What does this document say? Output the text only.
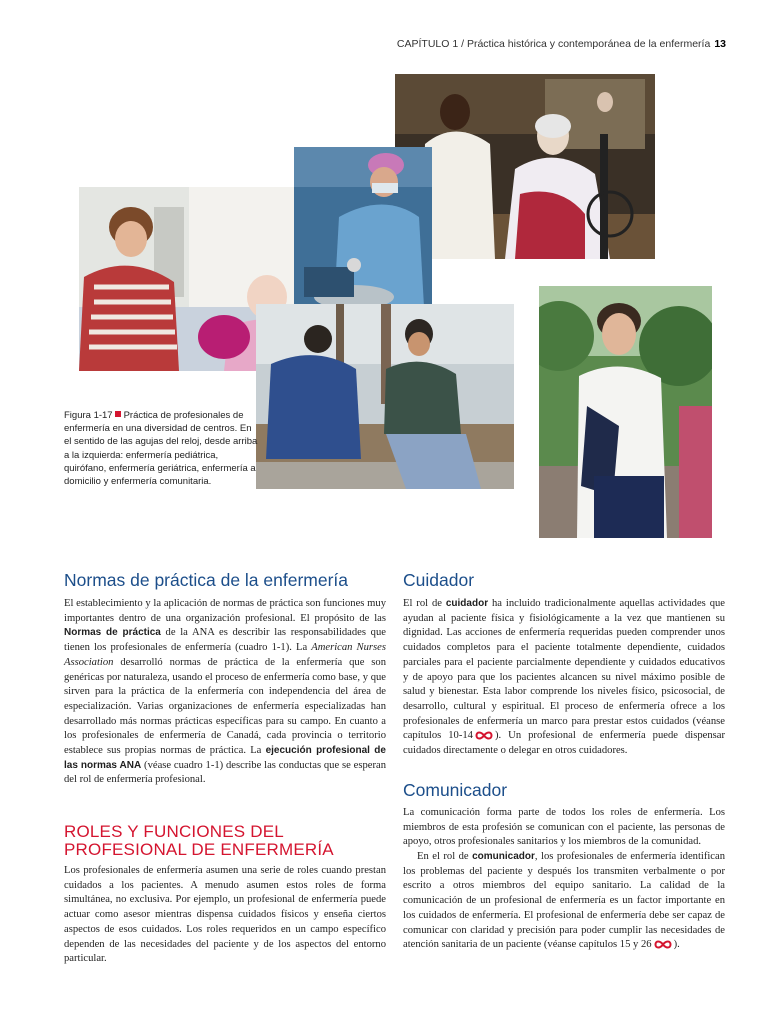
CAPÍTULO 1 / Práctica histórica y contemporánea de la enfermería 13
Figura 1-17 Práctica de profesionales de enfermería en una diversidad de centros. En el sentido de las agujas del reloj, desde arriba a la izquierda: enfermería pediátrica, quirófano, enfermería geriátrica, enfermería a domicilio y enfermería comunitaria.
Normas de práctica de la enfermería

El establecimiento y la aplicación de normas de práctica son funciones muy importantes dentro de una organización profesional. El propósito de las Normas de práctica de la ANA es describir las responsabilidades que tienen los profesionales de enfermería (cuadro 1-1). La American Nurses Association desarrolló normas de práctica de la enfermería que son genéricas por naturaleza, usando el proceso de enfermería como base, y que sirven para la práctica de la enfermería con independencia del área de especialización. Varias organizaciones de enfermería especializadas han desarrollado más normas prácticas específicas para su campo. En cuanto a los profesionales de enfermería de Canadá, cada provincia o territorio establece sus propias normas de práctica. La ejecución profesional de las normas ANA (véase cuadro 1-1) describe las conductas que se esperan del rol de enfermería profesional.

ROLES Y FUNCIONES DEL
PROFESIONAL DE ENFERMERÍA

Los profesionales de enfermería asumen una serie de roles cuando prestan cuidados a los pacientes. A menudo asumen estos roles de forma simultánea, no exclusiva. Por ejemplo, un profesional de enfermería puede actuar como asesor mientras dispensa cuidados físicos y enseña ciertos aspectos de esos cuidados. Los roles requeridos en un campo específico dependen de las necesidades del paciente y de los aspectos del entorno particular.

Cuidador

El rol de cuidador ha incluido tradicionalmente aquellas actividades que ayudan al paciente física y fisiológicamente a la vez que mantienen su dignidad. Las acciones de enfermería requeridas pueden comprender unos cuidados completos para el paciente totalmente dependiente, cuidados parciales para el paciente parcialmente dependiente y cuidados educativos y de apoyo para que los pacientes alcancen su nivel máximo posible de salud y bienestar. Esta labor comprende los niveles físico, psicosocial, de desarrollo, cultural y espiritual. El proceso de enfermería ofrece a los profesionales de enfermería un marco para prestar estos cuidados (véanse capítulos 10-14 ). Un profesional de enfermería puede dispensar cuidados directamente o delegar en otros cuidadores.

Comunicador

La comunicación forma parte de todos los roles de enfermería. Los miembros de esta profesión se comunican con el paciente, las personas de apoyo, otros profesionales sanitarios y los miembros de la comunidad.

En el rol de comunicador, los profesionales de enfermería identifican los problemas del paciente y después los transmiten verbalmente o por escrito a otros miembros del equipo sanitario. La calidad de la comunicación de un profesional de enfermería es un factor importante en los cuidados de enfermería. El profesional de enfermería debe ser capaz de comunicar con claridad y precisión para poder cumplir las necesidades de atención sanitaria de un paciente (véanse capítulos 15 y 26 ).
